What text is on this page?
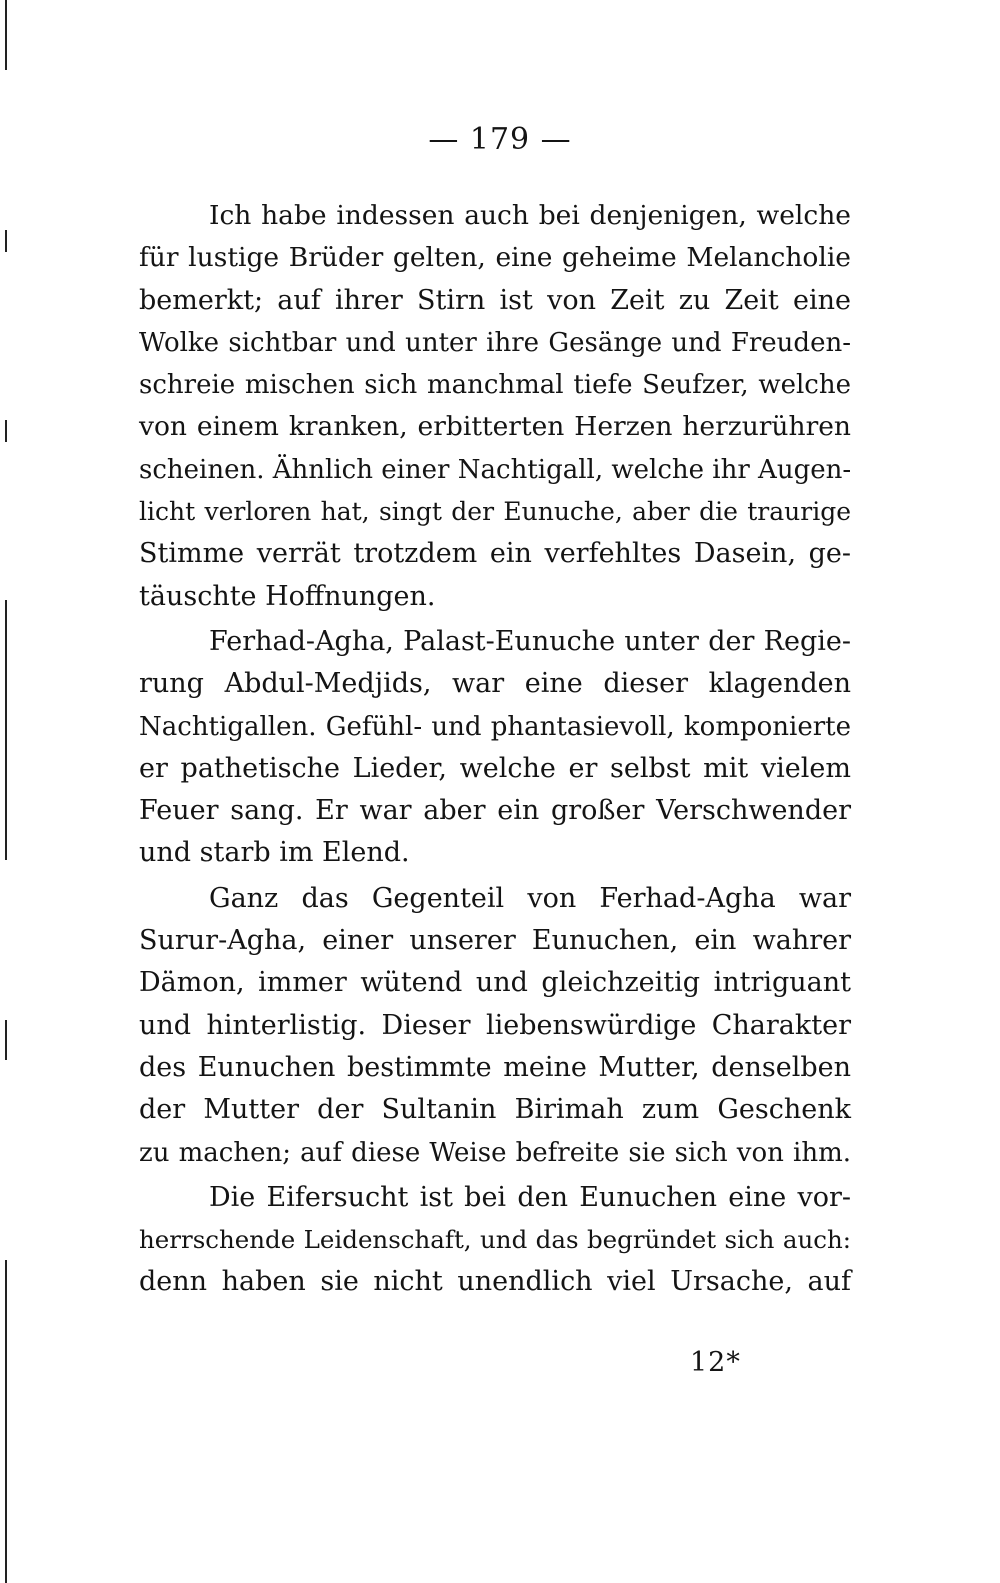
— 179 —
Ich habe indessen auch bei denjenigen, welche
für lustige Brüder gelten, eine geheime Melancholie
bemerkt; auf ihrer Stirn ist von Zeit zu Zeit eine
Wolke sichtbar und unter ihre Gesänge und Freuden-
schreie mischen sich manchmal tiefe Seufzer, welche
von einem kranken, erbitterten Herzen herzurühren
scheinen. Ähnlich einer Nachtigall, welche ihr Augen-
licht verloren hat, singt der Eunuche, aber die traurige
Stimme verrät trotzdem ein verfehltes Dasein, ge-
täuschte Hoffnungen.
Ferhad-Agha, Palast-Eunuche unter der Regie-
rung Abdul-Medjids, war eine dieser klagenden
Nachtigallen. Gefühl- und phantasievoll, komponierte
er pathetische Lieder, welche er selbst mit vielem
Feuer sang. Er war aber ein großer Verschwender
und starb im Elend.
Ganz das Gegenteil von Ferhad-Agha war
Surur-Agha, einer unserer Eunuchen, ein wahrer
Dämon, immer wütend und gleichzeitig intriguant
und hinterlistig. Dieser liebenswürdige Charakter
des Eunuchen bestimmte meine Mutter, denselben
der Mutter der Sultanin Birimah zum Geschenk
zu machen; auf diese Weise befreite sie sich von ihm.
Die Eifersucht ist bei den Eunuchen eine vor-
herrschende Leidenschaft, und das begründet sich auch:
denn haben sie nicht unendlich viel Ursache, auf
12*
